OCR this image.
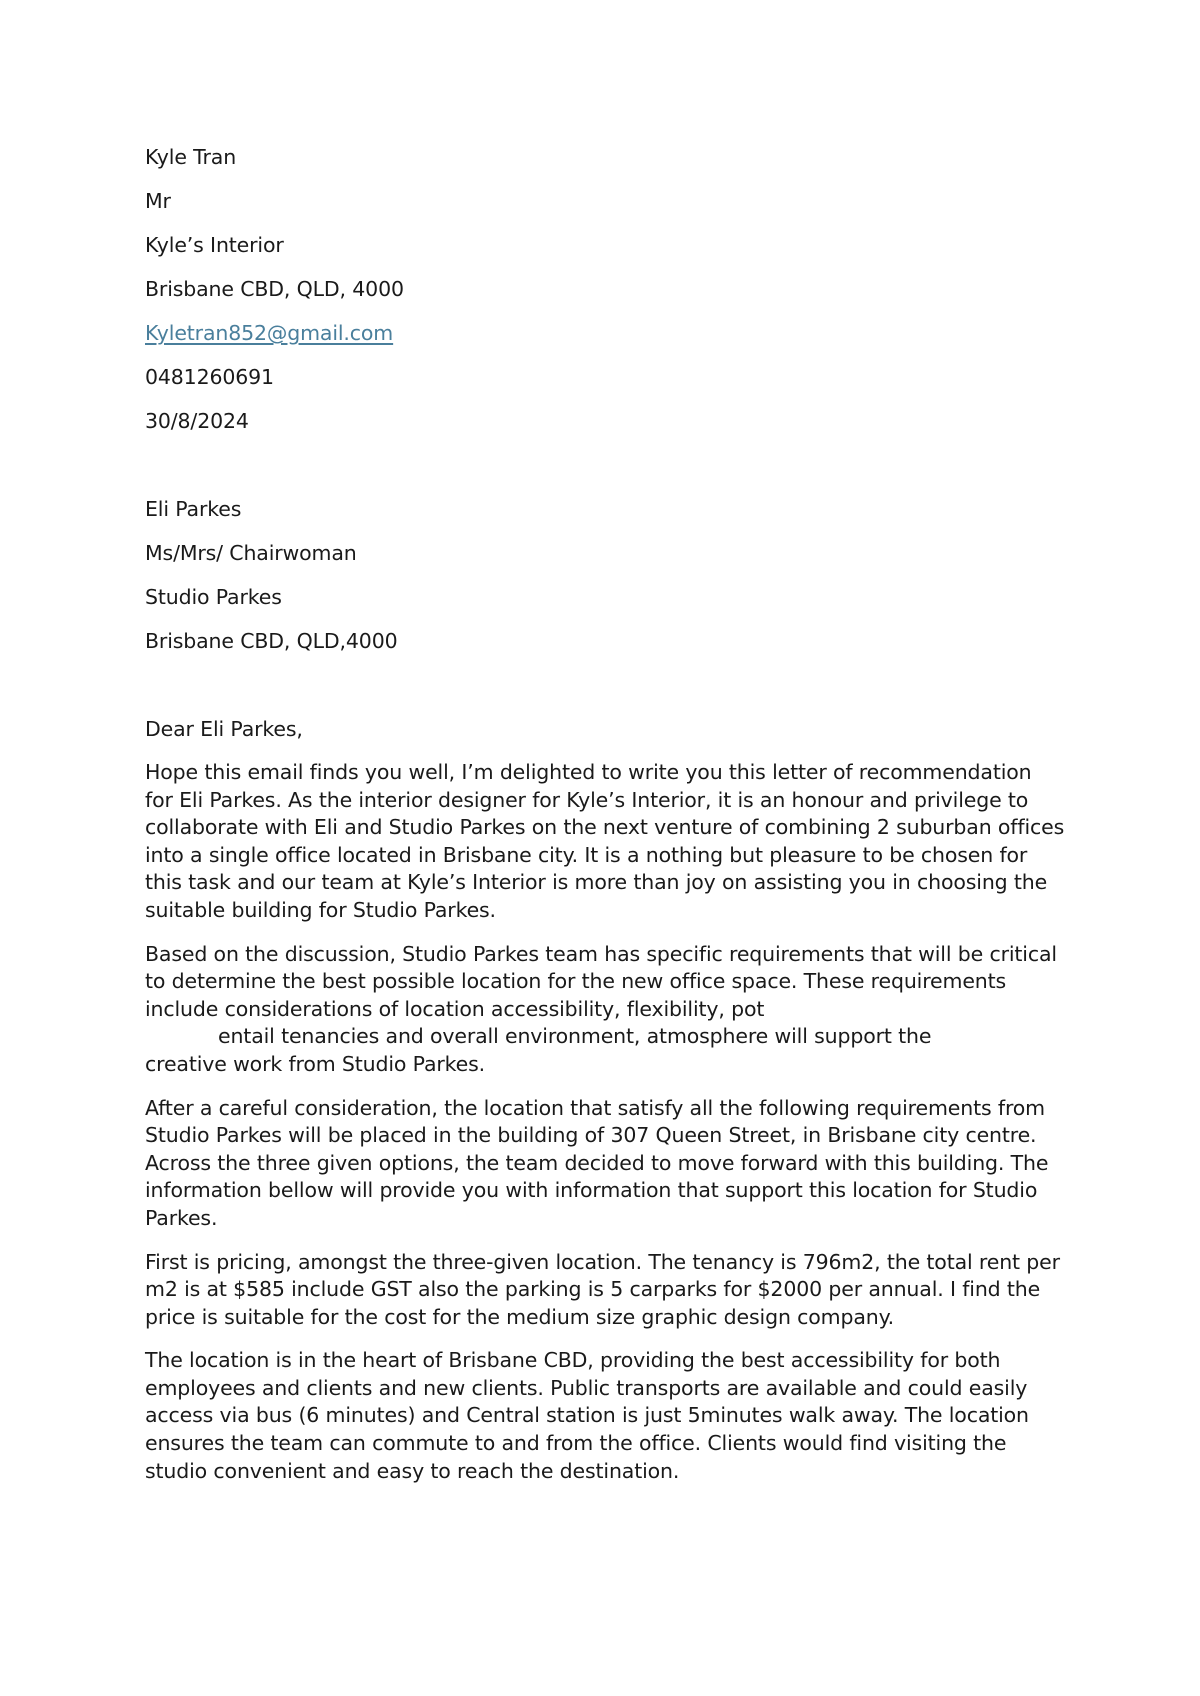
Kyle Tran

Mr

Kyle’s Interior

Brisbane CBD, QLD, 4000

Kyletran852@gmail.com

0481260691

30/8/2024

Eli Parkes

Ms/Mrs/ Chairwoman

Studio Parkes

Brisbane CBD, QLD,4000

Dear Eli Parkes,

Hope this email finds you well, I’m delighted to write you this letter of recommendation for Eli Parkes. As the interior designer for Kyle’s Interior, it is an honour and privilege to collaborate with Eli and Studio Parkes on the next venture of combining 2 suburban offices into a single office located in Brisbane city. It is a nothing but pleasure to be chosen for this task and our team at Kyle’s Interior is more than joy on assisting you in choosing the suitable building for Studio Parkes.

Based on the discussion, Studio Parkes team has specific requirements that will be critical to determine the best possible location for the new office space. These requirements include considerations of location accessibility, flexibility, pot
entail tenancies and overall environment, atmosphere will support the
creative work from Studio Parkes.

After a careful consideration, the location that satisfy all the following requirements from Studio Parkes will be placed in the building of 307 Queen Street, in Brisbane city centre. Across the three given options, the team decided to move forward with this building. The information bellow will provide you with information that support this location for Studio Parkes.

First is pricing, amongst the three-given location. The tenancy is 796m2, the total rent per m2 is at $585 include GST also the parking is 5 carparks for $2000 per annual. I find the price is suitable for the cost for the medium size graphic design company.

The location is in the heart of Brisbane CBD, providing the best accessibility for both employees and clients and new clients. Public transports are available and could easily access via bus (6 minutes) and Central station is just 5minutes walk away. The location ensures the team can commute to and from the office. Clients would find visiting the studio convenient and easy to reach the destination.
